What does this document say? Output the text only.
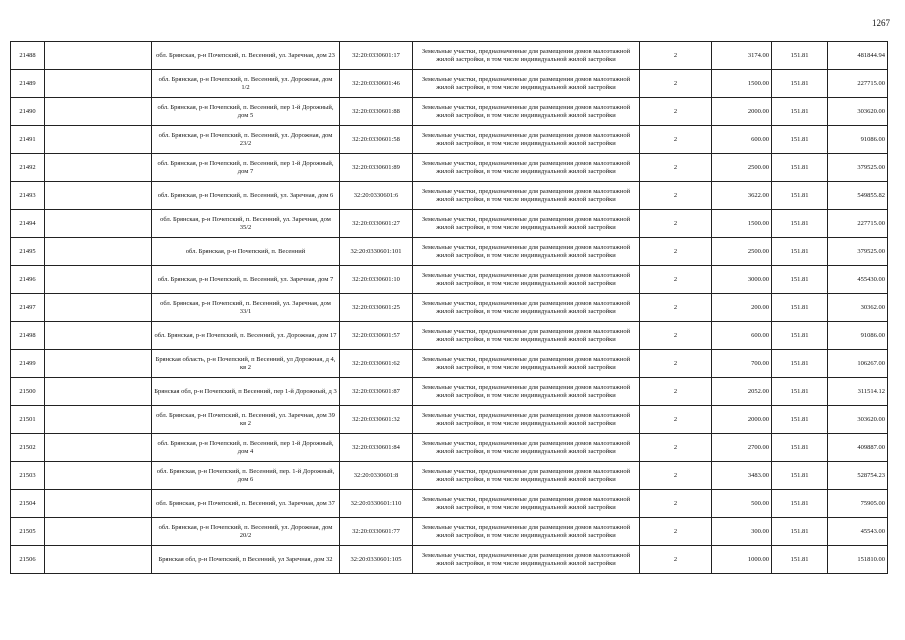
1267
21488		обл. Брянская, р-н Почепский, п. Весенний, ул. Заречная, дом 23	32:20:0330601:17	Земельные участки, предназначенные для размещения домов малоэтажной жилой застройки, в том числе индивидуальной жилой застройки	2	3174.00	151.81	481844.94
21489		обл. Брянская, р-н Почепский, п. Весенний, ул. Дорожная, дом 1/2	32:20:0330601:46	Земельные участки, предназначенные для размещения домов малоэтажной жилой застройки, в том числе индивидуальной жилой застройки	2	1500.00	151.81	227715.00
21490		обл. Брянская, р-н Почепский, п. Весенний, пер 1-й Дорожный, дом 5	32:20:0330601:88	Земельные участки, предназначенные для размещения домов малоэтажной жилой застройки, в том числе индивидуальной жилой застройки	2	2000.00	151.81	303620.00
21491		обл. Брянская, р-н Почепский, п. Весенний, ул. Дорожная, дом 23/2	32:20:0330601:58	Земельные участки, предназначенные для размещения домов малоэтажной жилой застройки, в том числе индивидуальной жилой застройки	2	600.00	151.81	91086.00
21492		обл. Брянская, р-н Почепский, п. Весенний, пер 1-й Дорожный, дом 7	32:20:0330601:89	Земельные участки, предназначенные для размещения домов малоэтажной жилой застройки, в том числе индивидуальной жилой застройки	2	2500.00	151.81	379525.00
21493		обл. Брянская, р-н Почепский, п. Весенний, ул. Заречная, дом 6	32:20:0330601:6	Земельные участки, предназначенные для размещения домов малоэтажной жилой застройки, в том числе индивидуальной жилой застройки	2	3622.00	151.81	549855.82
21494		обл. Брянская, р-н Почепский, п. Весенний, ул. Заречная, дом 35/2	32:20:0330601:27	Земельные участки, предназначенные для размещения домов малоэтажной жилой застройки, в том числе индивидуальной жилой застройки	2	1500.00	151.81	227715.00
21495		обл. Брянская, р-н Почепский, п. Весенний	32:20:0330601:101	Земельные участки, предназначенные для размещения домов малоэтажной жилой застройки, в том числе индивидуальной жилой застройки	2	2500.00	151.81	379525.00
21496		обл. Брянская, р-н Почепский, п. Весенний, ул. Заречная, дом 7	32:20:0330601:10	Земельные участки, предназначенные для размещения домов малоэтажной жилой застройки, в том числе индивидуальной жилой застройки	2	3000.00	151.81	455430.00
21497		обл. Брянская, р-н Почепский, п. Весенний, ул. Заречная, дом 33/1	32:20:0330601:25	Земельные участки, предназначенные для размещения домов малоэтажной жилой застройки, в том числе индивидуальной жилой застройки	2	200.00	151.81	30362.00
21498		обл. Брянская, р-н Почепский, п. Весенний, ул. Дорожная, дом 17	32:20:0330601:57	Земельные участки, предназначенные для размещения домов малоэтажной жилой застройки, в том числе индивидуальной жилой застройки	2	600.00	151.81	91086.00
21499		Брянская область, р-н Почепский, п Весенний, ул Дорожная, д 4, кв 2	32:20:0330601:62	Земельные участки, предназначенные для размещения домов малоэтажной жилой застройки, в том числе индивидуальной жилой застройки	2	700.00	151.81	106267.00
21500		Брянская обл, р-н Почепский, п Весенний, пер 1-й Дорожный, д 3	32:20:0330601:87	Земельные участки, предназначенные для размещения домов малоэтажной жилой застройки, в том числе индивидуальной жилой застройки	2	2052.00	151.81	311514.12
21501		обл. Брянская, р-н Почепский, п. Весенний, ул. Заречная, дом 39 кв 2	32:20:0330601:32	Земельные участки, предназначенные для размещения домов малоэтажной жилой застройки, в том числе индивидуальной жилой застройки	2	2000.00	151.81	303620.00
21502		обл. Брянская, р-н Почепский, п. Весенний, пер 1-й Дорожный, дом 4	32:20:0330601:84	Земельные участки, предназначенные для размещения домов малоэтажной жилой застройки, в том числе индивидуальной жилой застройки	2	2700.00	151.81	409887.00
21503		обл. Брянская, р-н Почепский, п. Весенний, пер. 1-й Дорожный, дом 6	32:20:0330601:8	Земельные участки, предназначенные для размещения домов малоэтажной жилой застройки, в том числе индивидуальной жилой застройки	2	3483.00	151.81	528754.23
21504		обл. Брянская, р-н Почепский, п. Весенний, ул. Заречная, дом 37	32:20:0330601:110	Земельные участки, предназначенные для размещения домов малоэтажной жилой застройки, в том числе индивидуальной жилой застройки	2	500.00	151.81	75905.00
21505		обл. Брянская, р-н Почепский, п. Весенний, ул. Дорожная, дом 20/2	32:20:0330601:77	Земельные участки, предназначенные для размещения домов малоэтажной жилой застройки, в том числе индивидуальной жилой застройки	2	300.00	151.81	45543.00
21506		Брянская обл, р-н Почепский, п Весенний, ул Заречная, дом 32	32:20:0330601:105	Земельные участки, предназначенные для размещения домов малоэтажной жилой застройки, в том числе индивидуальной жилой застройки	2	1000.00	151.81	151810.00
